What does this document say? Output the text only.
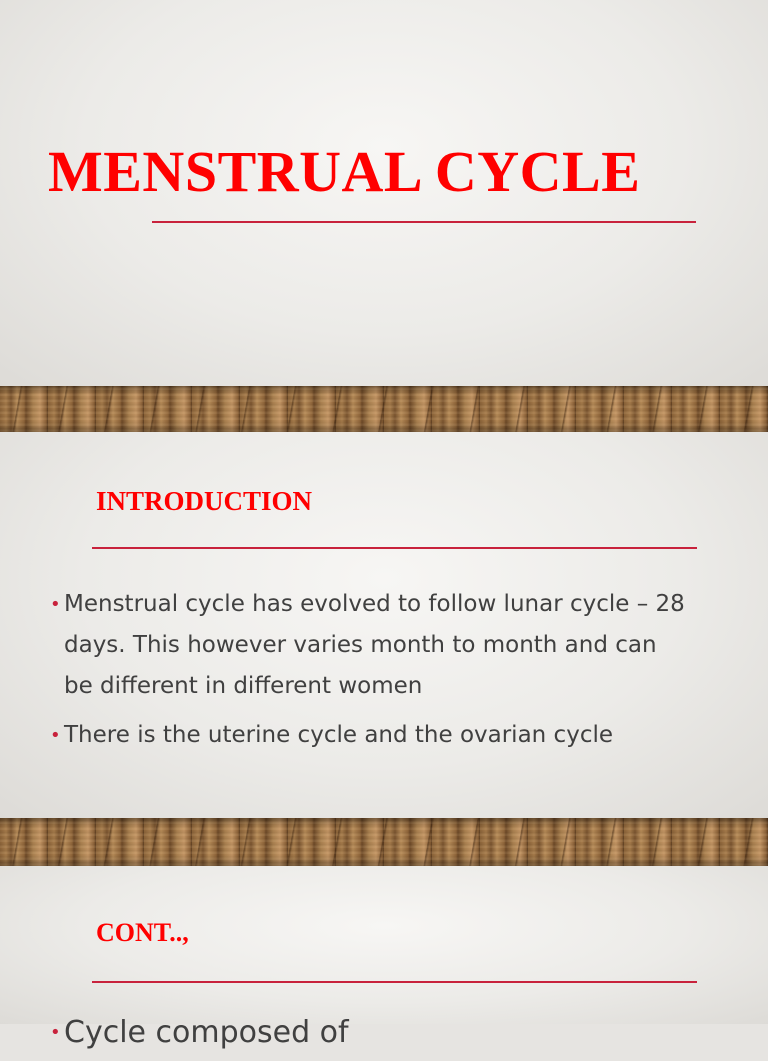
MENSTRUAL CYCLE
INTRODUCTION
• Menstrual cycle has evolved to follow lunar cycle – 28 days. This however varies month to month and can be different in different women
• There is the uterine cycle and the ovarian cycle
CONT..,
• Cycle composed of
